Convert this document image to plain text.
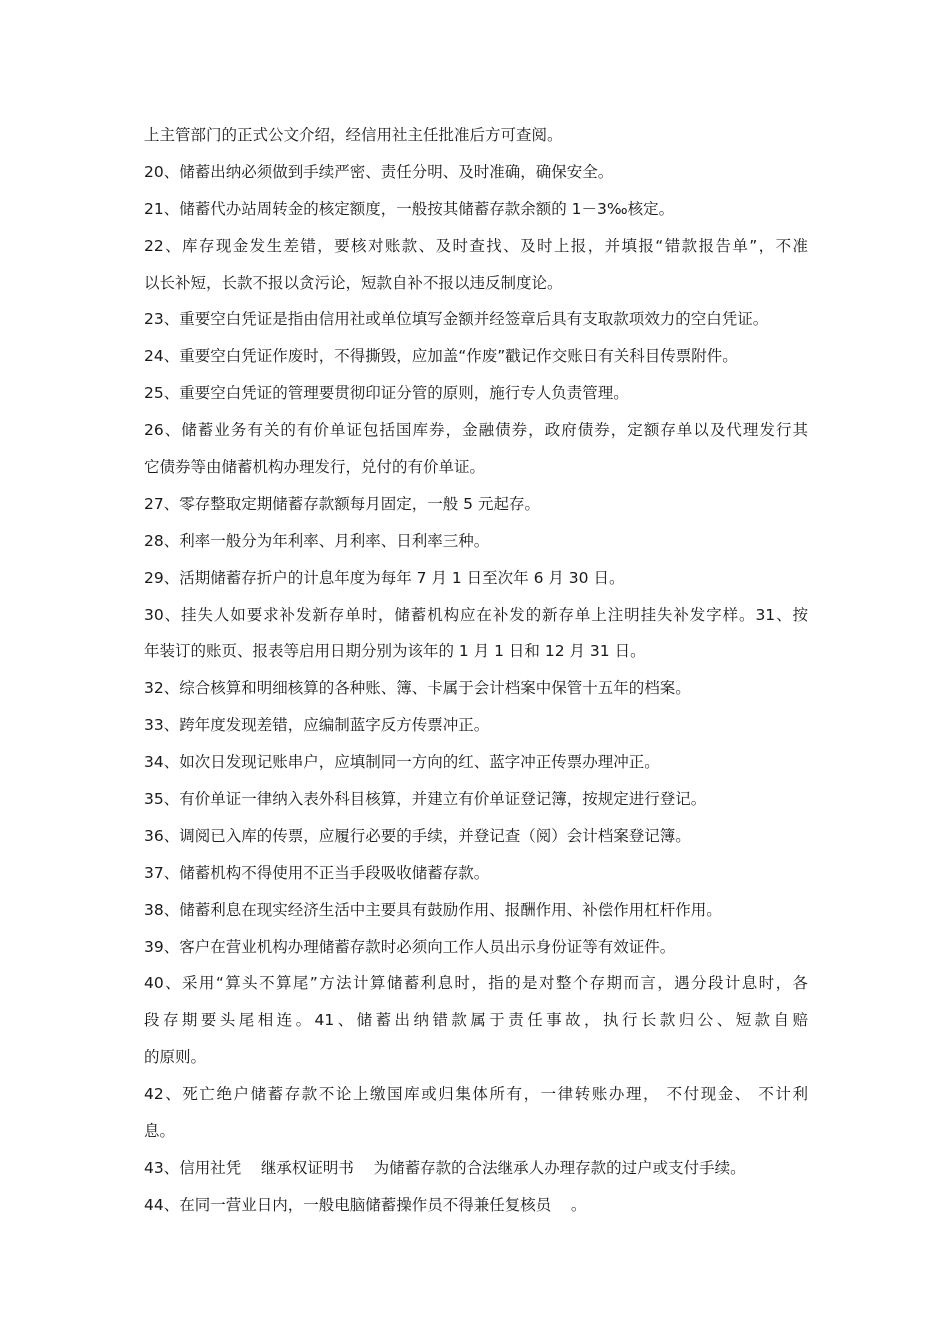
上主管部门的正式公文介绍，经信用社主任批准后方可查阅。
20、储蓄出纳必须做到手续严密、责任分明、及时准确，确保安全。
21、储蓄代办站周转金的核定额度，一般按其储蓄存款余额的 1－3‰核定。
22、库存现金发生差错，要核对账款、及时查找、及时上报，并填报“错款报告单”，不准
以长补短，长款不报以贪污论，短款自补不报以违反制度论。
23、重要空白凭证是指由信用社或单位填写金额并经签章后具有支取款项效力的空白凭证。
24、重要空白凭证作废时，不得撕毁，应加盖“作废”戳记作交账日有关科目传票附件。
25、重要空白凭证的管理要贯彻印证分管的原则，施行专人负责管理。
26、储蓄业务有关的有价单证包括国库券，金融债券，政府债券，定额存单以及代理发行其
它债券等由储蓄机构办理发行，兑付的有价单证。
27、零存整取定期储蓄存款额每月固定，一般 5 元起存。
28、利率一般分为年利率、月利率、日利率三种。
29、活期储蓄存折户的计息年度为每年 7 月 1 日至次年 6 月 30 日。
30、挂失人如要求补发新存单时，储蓄机构应在补发的新存单上注明挂失补发字样。31、按
年装订的账页、报表等启用日期分别为该年的 1 月 1 日和 12 月 31 日。
32、综合核算和明细核算的各种账、簿、卡属于会计档案中保管十五年的档案。
33、跨年度发现差错，应编制蓝字反方传票冲正。
34、如次日发现记账串户，应填制同一方向的红、蓝字冲正传票办理冲正。
35、有价单证一律纳入表外科目核算，并建立有价单证登记簿，按规定进行登记。
36、调阅已入库的传票，应履行必要的手续，并登记查（阅）会计档案登记簿。
37、储蓄机构不得使用不正当手段吸收储蓄存款。
38、储蓄利息在现实经济生活中主要具有鼓励作用、报酬作用、补偿作用杠杆作用。
39、客户在营业机构办理储蓄存款时必须向工作人员出示身份证等有效证件。
40、采用“算头不算尾”方法计算储蓄利息时，指的是对整个存期而言，遇分段计息时，各
段存期要头尾相连。41、储蓄出纳错款属于责任事故，执行长款归公、短款自赔
的原则。
42、死亡绝户储蓄存款不论上缴国库或归集体所有，一律转账办理， 不付现金、 不计利
息。
43、信用社凭    继承权证明书    为储蓄存款的合法继承人办理存款的过户或支付手续。
44、在同一营业日内，一般电脑储蓄操作员不得兼任复核员    。
